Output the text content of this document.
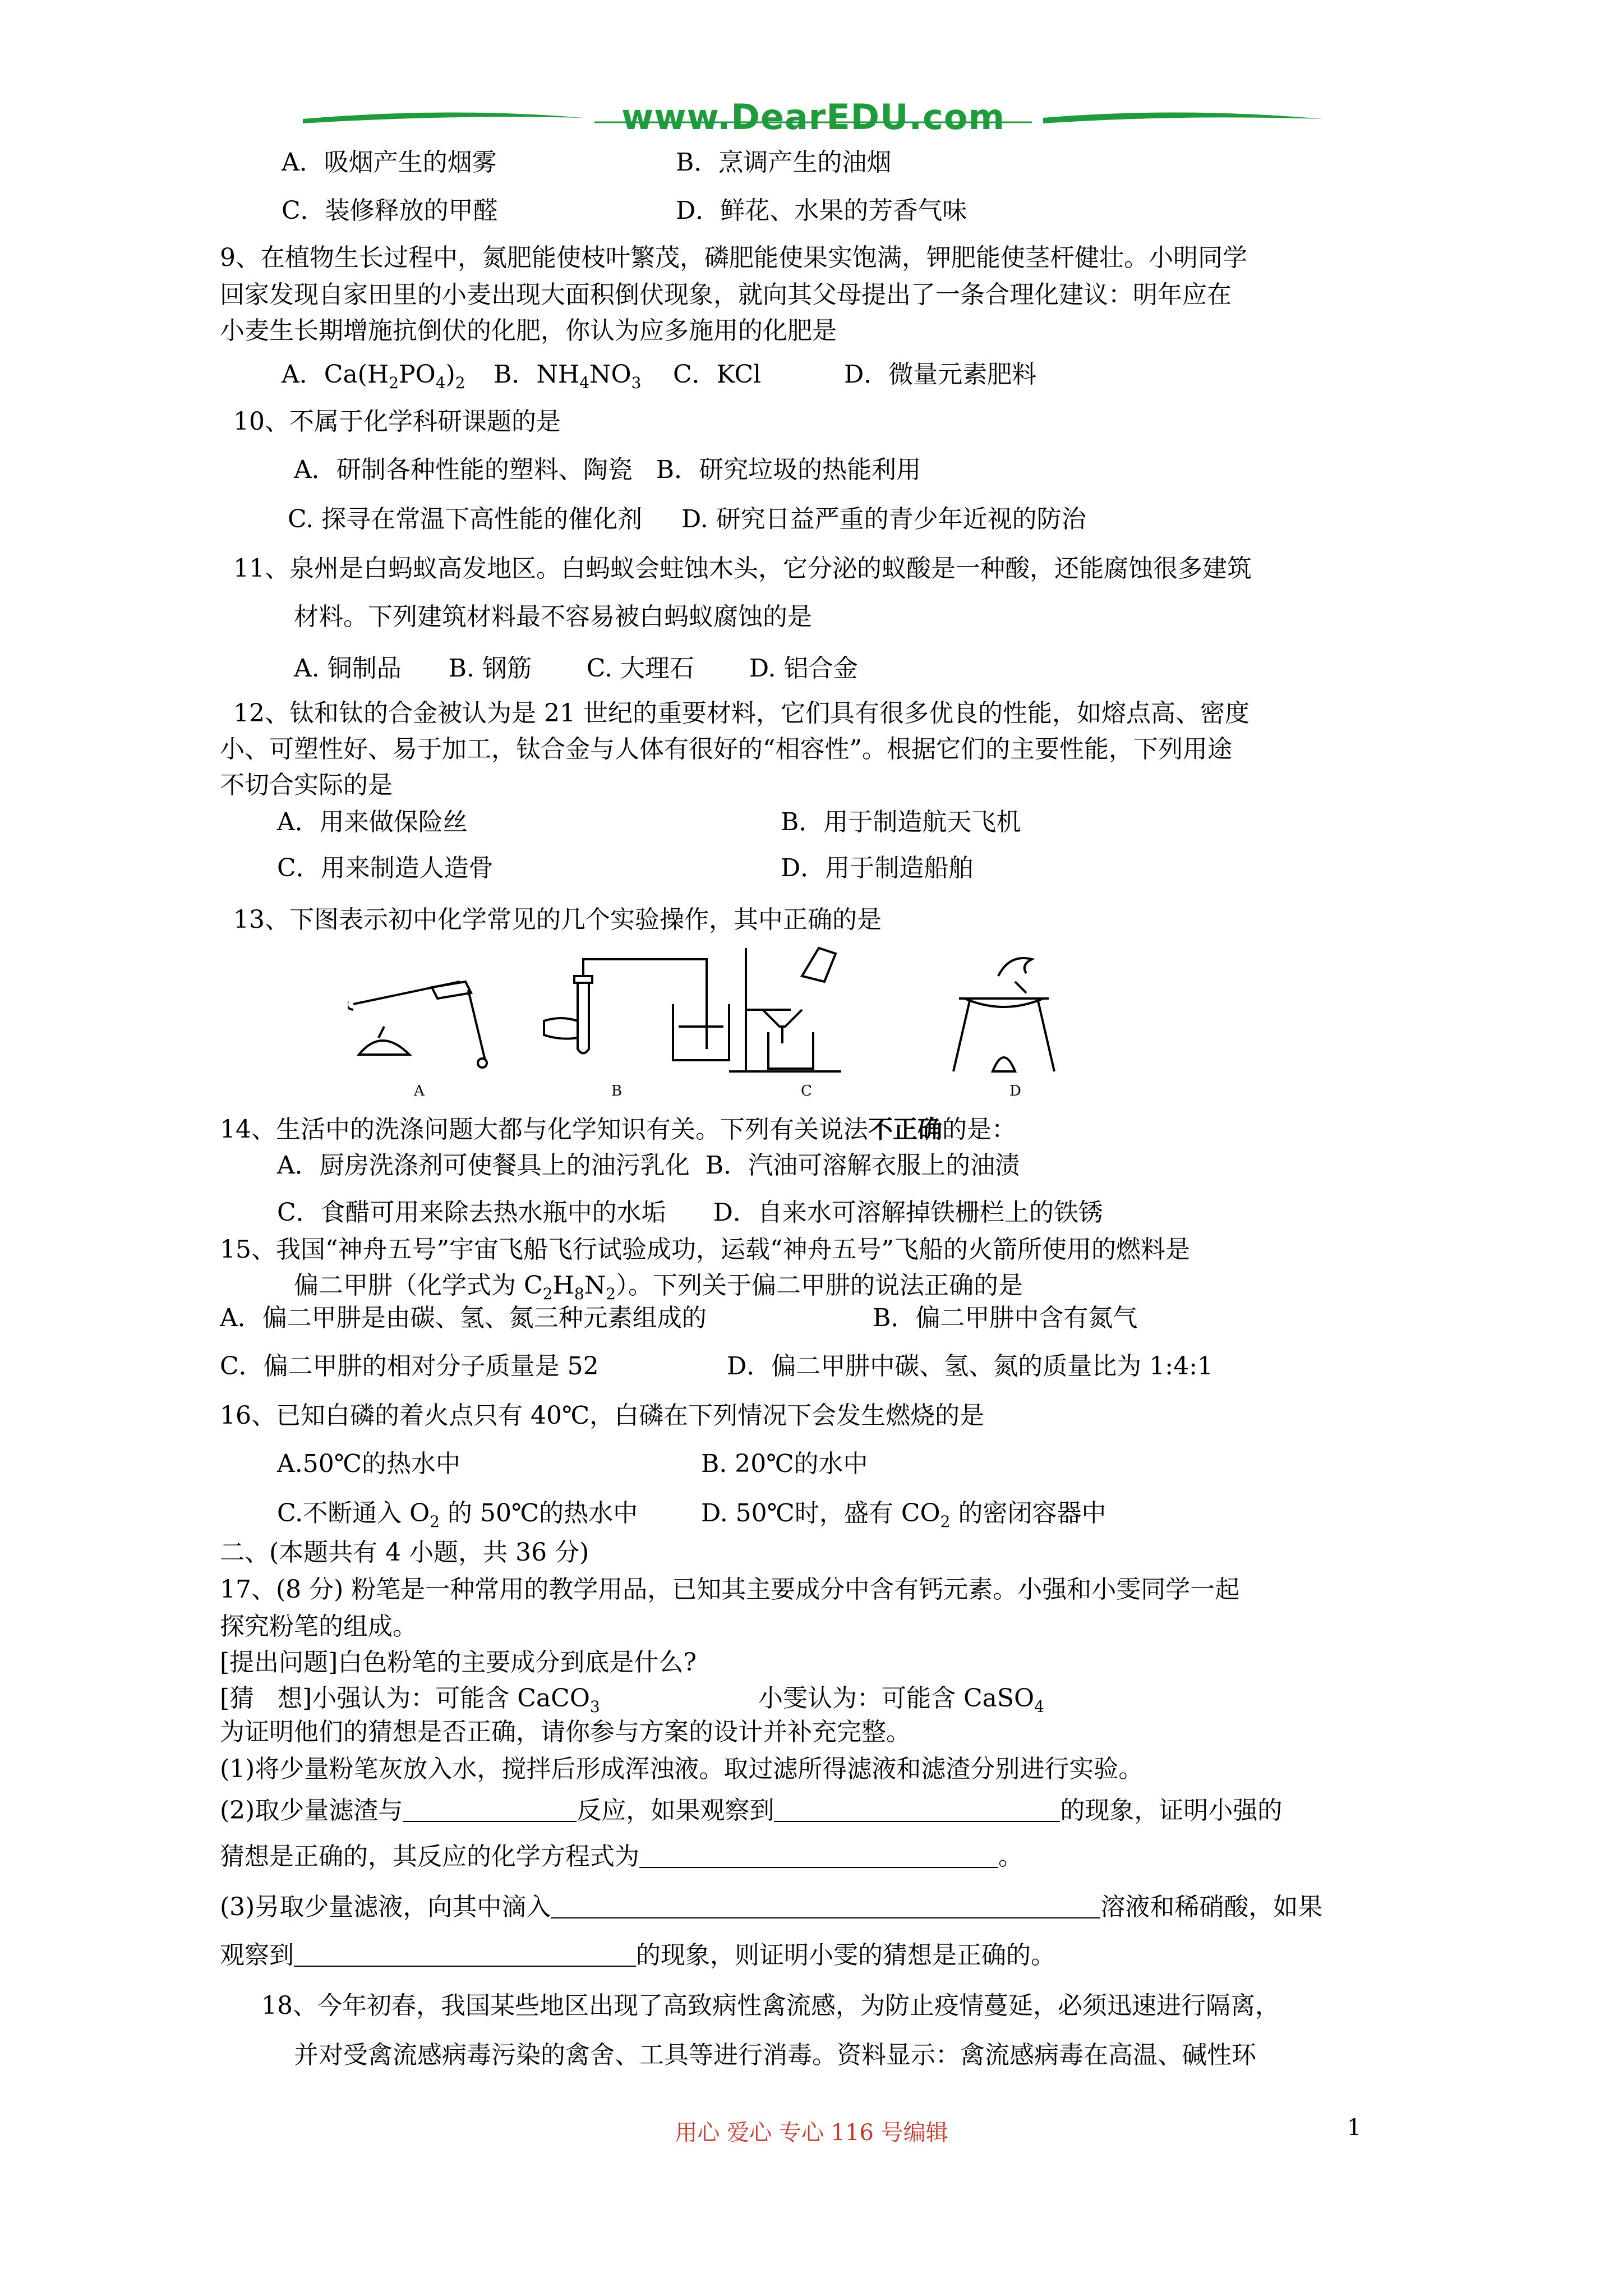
www.DearEDU.com
A．吸烟产生的烟雾	B．烹调产生的油烟
C．装修释放的甲醛	D．鲜花、水果的芳香气味
9、在植物生长过程中，氮肥能使枝叶繁茂，磷肥能使果实饱满，钾肥能使茎杆健壮。小明同学
回家发现自家田里的小麦出现大面积倒伏现象，就向其父母提出了一条合理化建议：明年应在
小麦生长期增施抗倒伏的化肥，你认为应多施用的化肥是
A．$Ca(H_2PO_4)_2$ B．$NH_4NO_3$ C．KCl	D．微量元素肥料
10、不属于化学科研课题的是
A．研制各种性能的塑料、陶瓷   B．研究垃圾的热能利用
C. 探寻在常温下高性能的催化剂     D. 研究日益严重的青少年近视的防治
11、泉州是白蚂蚁高发地区。白蚂蚁会蛀蚀木头，它分泌的蚁酸是一种酸，还能腐蚀很多建筑
材料。下列建筑材料最不容易被白蚂蚁腐蚀的是
A. 铜制品      B. 钢筋       C. 大理石       D. 铝合金
12、钛和钛的合金被认为是 21 世纪的重要材料，它们具有很多优良的性能，如熔点高、密度
小、可塑性好、易于加工，钛合金与人体有很好的“相容性”。根据它们的主要性能，下列用途
不切合实际的是
A．用来做保险丝	B．用于制造航天飞机
C．用来制造人造骨	D．用于制造船舶
13、下图表示初中化学常见的几个实验操作，其中正确的是
A	B	C	D
14、生活中的洗涤问题大都与化学知识有关。下列有关说法不正确的是：
A．厨房洗涤剂可使餐具上的油污乳化  B．汽油可溶解衣服上的油渍
C．食醋可用来除去热水瓶中的水垢      D．自来水可溶解掉铁栅栏上的铁锈
15、我国“神舟五号”宇宙飞船飞行试验成功，运载“神舟五号”飞船的火箭所使用的燃料是
偏二甲肼（化学式为 $C_2H_8N_2$）。下列关于偏二甲肼的说法正确的是
A．偏二甲肼是由碳、氢、氮三种元素组成的	B．偏二甲肼中含有氮气
C．偏二甲肼的相对分子质量是 52	D．偏二甲肼中碳、氢、氮的质量比为 1:4:1
16、已知白磷的着火点只有 40℃，白磷在下列情况下会发生燃烧的是
A.50℃的热水中	B. 20℃的水中
C.不断通入 $O_2$ 的 50℃的热水中	D. 50℃时，盛有 $CO_2$ 的密闭容器中
二、(本题共有 4 小题，共 36 分)
17、(8 分) 粉笔是一种常用的教学用品，已知其主要成分中含有钙元素。小强和小雯同学一起
探究粉笔的组成。
[提出问题]白色粉笔的主要成分到底是什么?
[猜   想]小强认为：可能含 CaCO$_3$	小雯认为：可能含 CaSO$_4$
为证明他们的猜想是否正确，请你参与方案的设计并补充完整。
(1)将少量粉笔灰放入水，搅拌后形成浑浊液。取过滤所得滤液和滤渣分别进行实验。
(2)取少量滤渣与	反应，如果观察到	的现象，证明小强的
猜想是正确的，其反应的化学方程式为	。
(3)另取少量滤液，向其中滴入	溶液和稀硝酸，如果
观察到	的现象，则证明小雯的猜想是正确的。
18、今年初春，我国某些地区出现了高致病性禽流感，为防止疫情蔓延，必须迅速进行隔离，
并对受禽流感病毒污染的禽舍、工具等进行消毒。资料显示：禽流感病毒在高温、碱性环
用心 爱心 专心 116 号编辑	1
